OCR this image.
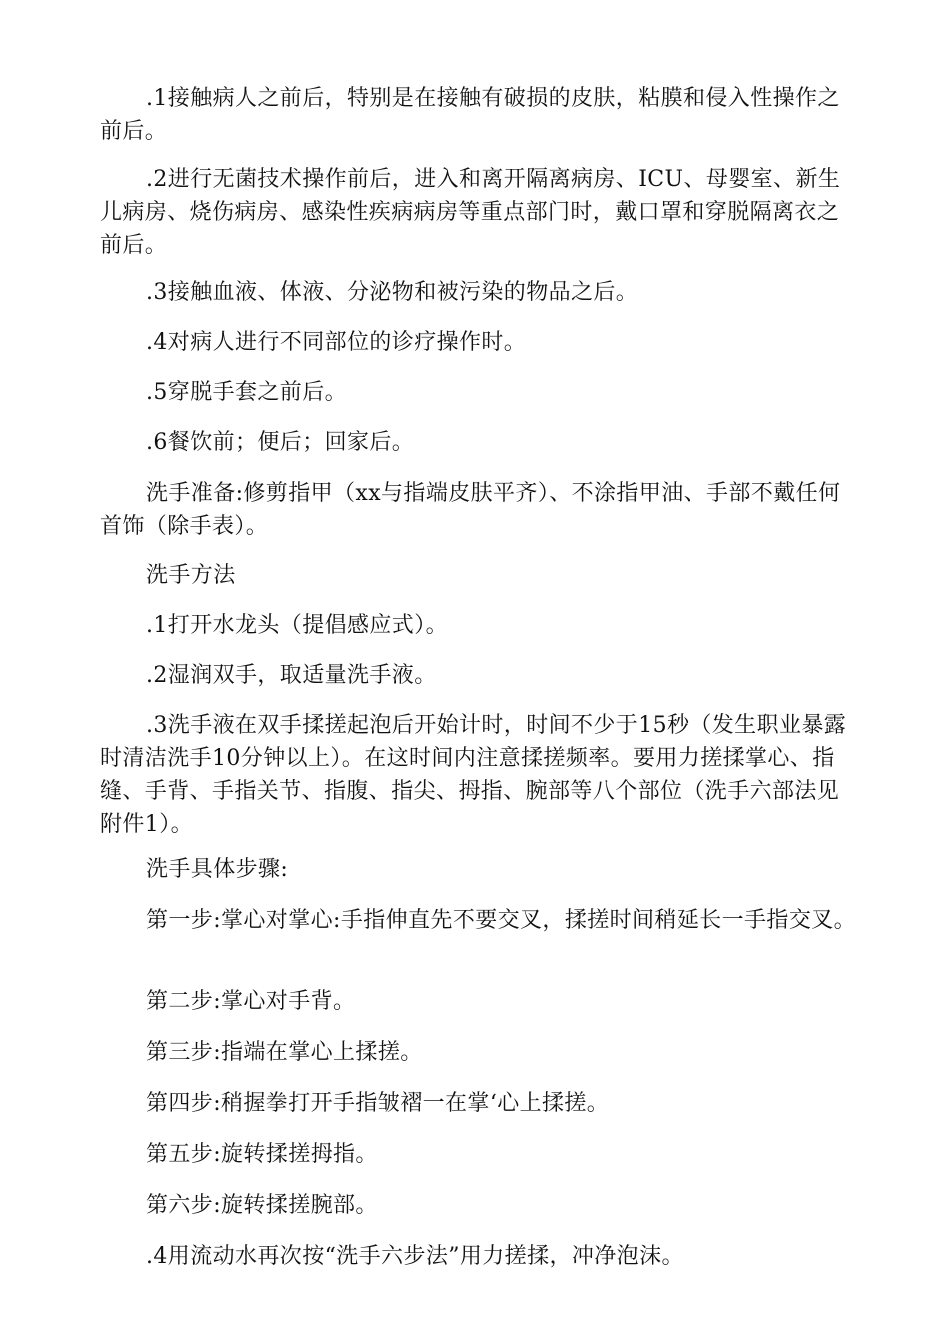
.1接触病人之前后，特别是在接触有破损的皮肤，粘膜和侵入性操作之前后。

.2进行无菌技术操作前后，进入和离开隔离病房、ICU、母婴室、新生儿病房、烧伤病房、感染性疾病病房等重点部门时，戴口罩和穿脱隔离衣之前后。

.3接触血液、体液、分泌物和被污染的物品之后。

.4对病人进行不同部位的诊疗操作时。

.5穿脱手套之前后。

.6餐饮前；便后；回家后。

洗手准备:修剪指甲（xx与指端皮肤平齐）、不涂指甲油、手部不戴任何首饰（除手表）。

洗手方法

.1打开水龙头（提倡感应式）。

.2湿润双手，取适量洗手液。

.3洗手液在双手揉搓起泡后开始计时，时间不少于15秒（发生职业暴露时清洁洗手10分钟以上）。在这时间内注意揉搓频率。要用力搓揉掌心、指缝、手背、手指关节、指腹、指尖、拇指、腕部等八个部位（洗手六部法见附件1）。

洗手具体步骤:

第一步:掌心对掌心:手指伸直先不要交叉，揉搓时间稍延长一手指交叉。

第二步:掌心对手背。

第三步:指端在掌心上揉搓。

第四步:稍握拳打开手指皱褶一在掌‘心上揉搓。

第五步:旋转揉搓拇指。

第六步:旋转揉搓腕部。

.4用流动水再次按“洗手六步法”用力搓揉，冲净泡沫。
